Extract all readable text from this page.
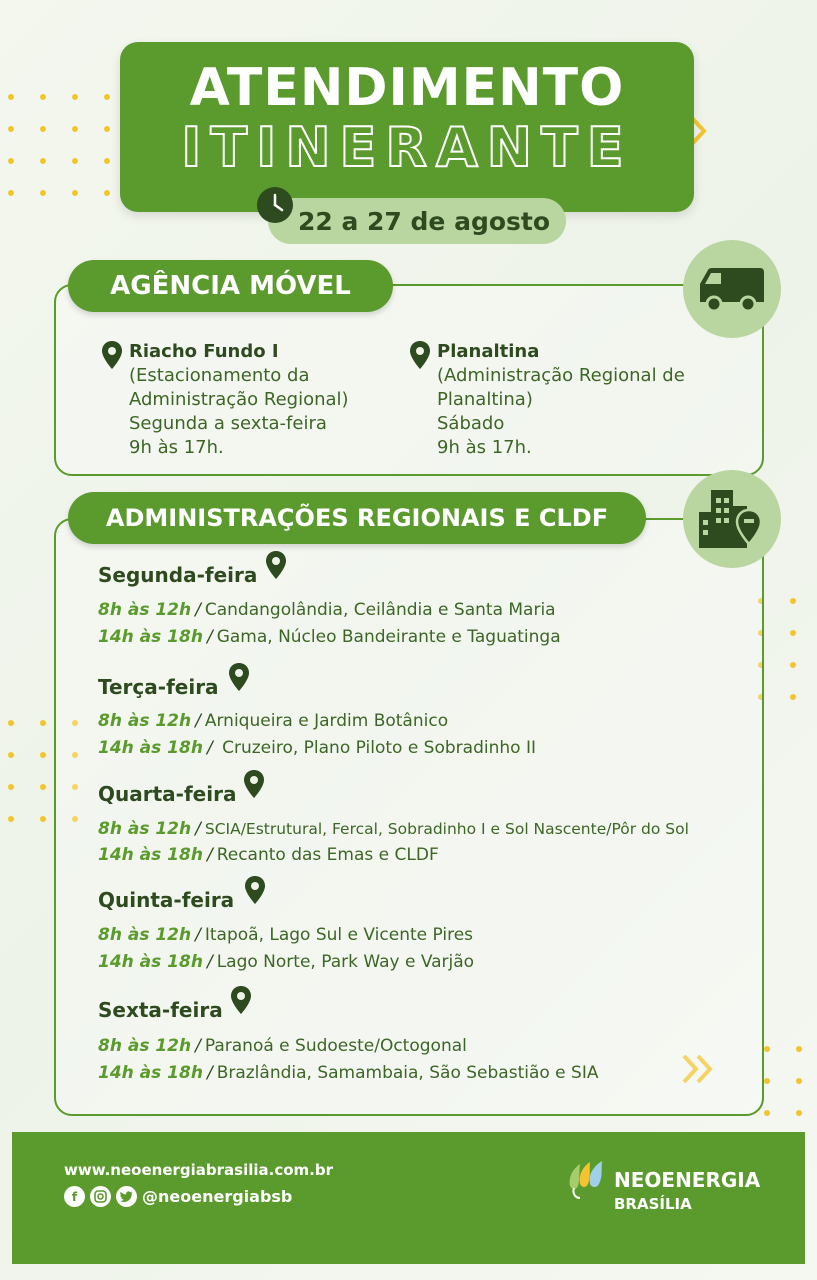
ATENDIMENTO
ITINERANTE
22 a 27 de agosto
AGÊNCIA MÓVEL
Riacho Fundo I
(Estacionamento da Administração Regional)
Segunda a sexta-feira
9h às 17h.
Planaltina
(Administração Regional de Planaltina)
Sábado
9h às 17h.
ADMINISTRAÇÕES REGIONAIS E CLDF
Segunda-feira
8h às 12h / Candangolândia, Ceilândia e Santa Maria
14h às 18h / Gama, Núcleo Bandeirante e Taguatinga
Terça-feira
8h às 12h / Arniqueira e Jardim Botânico
14h às 18h / Cruzeiro, Plano Piloto e Sobradinho II
Quarta-feira
8h às 12h / SCIA/Estrutural, Fercal, Sobradinho I e Sol Nascente/Pôr do Sol
14h às 18h / Recanto das Emas e CLDF
Quinta-feira
8h às 12h / Itapoã, Lago Sul e Vicente Pires
14h às 18h / Lago Norte, Park Way e Varjão
Sexta-feira
8h às 12h / Paranoá e Sudoeste/Octogonal
14h às 18h / Brazlândia, Samambaia, São Sebastião e SIA
www.neoenergiabrasilia.com.br
f	@neoenergiabsb
NEOENERGIA
BRASÍLIA
